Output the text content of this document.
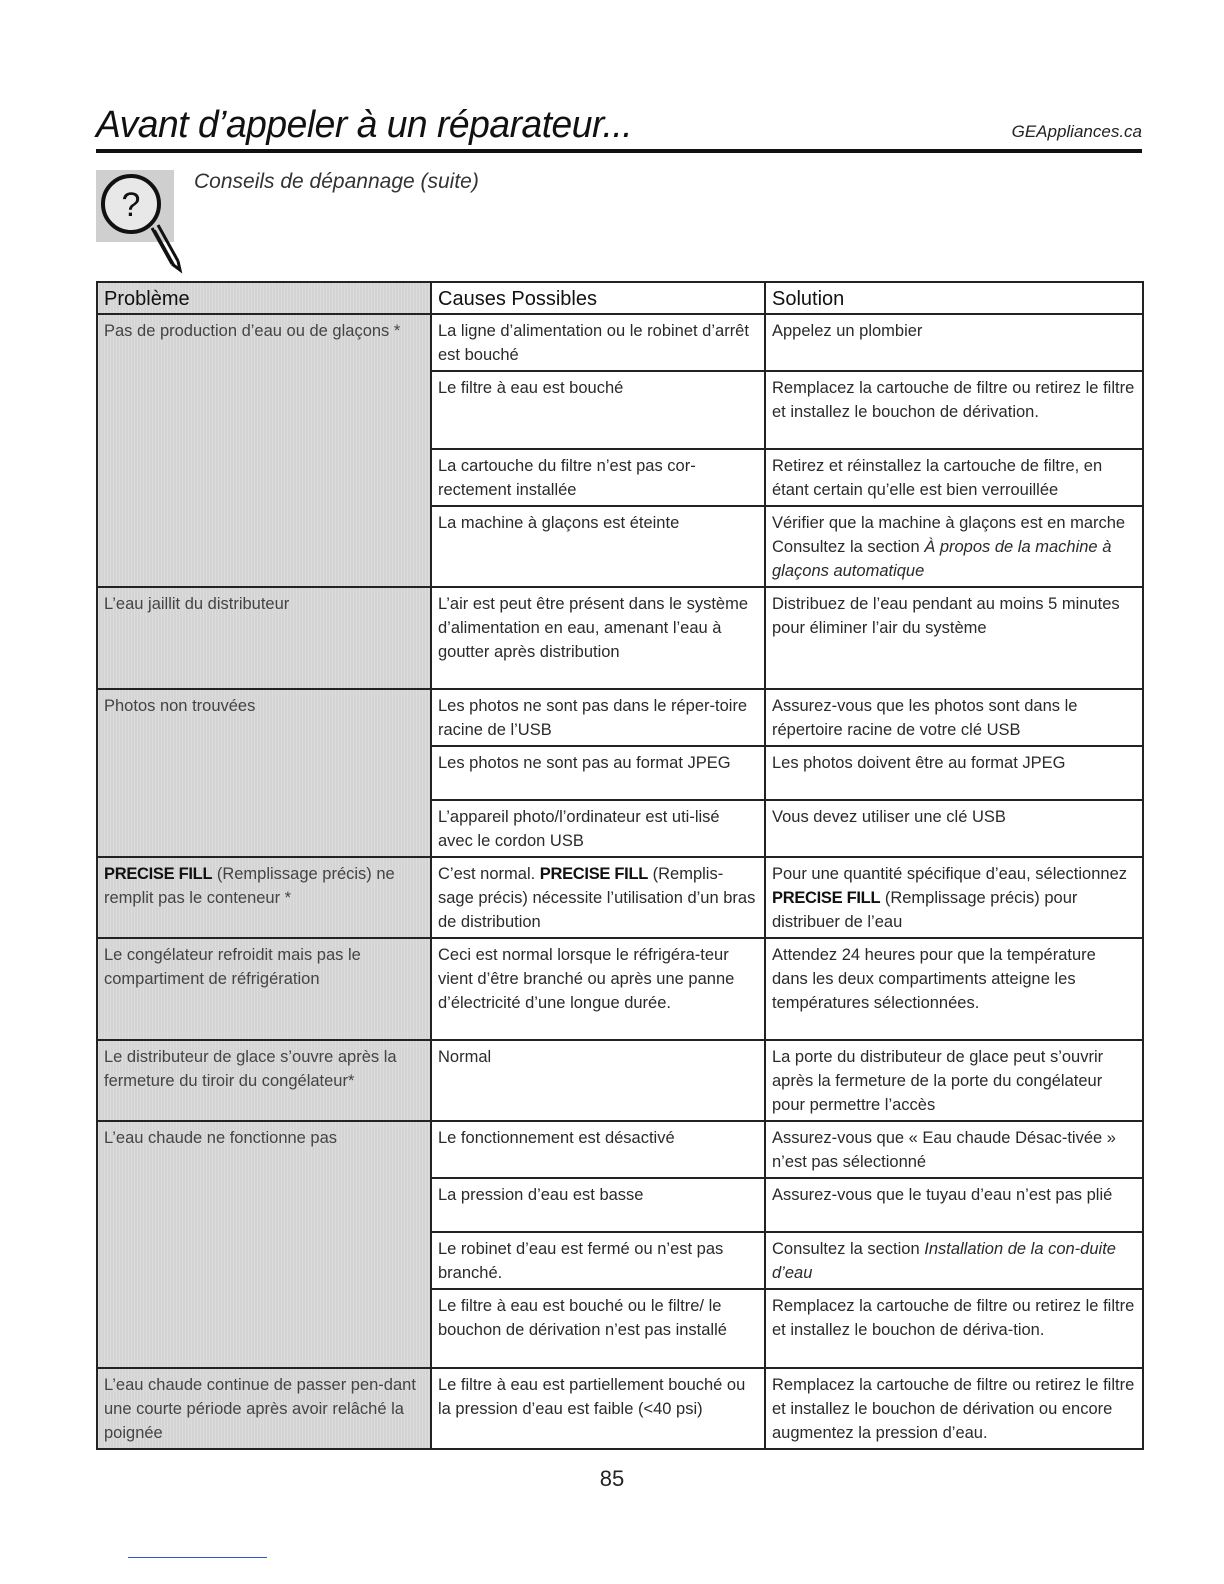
Avant d’appeler à un réparateur...	GEAppliances.ca
?
Conseils de dépannage (suite)
Problème	Causes Possibles	Solution
Pas de production d’eau ou de glaçons *	La ligne d’alimentation ou le robinet d’arrêt est bouché	Appelez un plombier
	Le filtre à eau est bouché	Remplacez la cartouche de filtre ou retirez le filtre et installez le bouchon de dérivation.
	La cartouche du filtre n’est pas cor-rectement installée	Retirez et réinstallez la cartouche de filtre, en étant certain qu’elle est bien verrouillée
	La machine à glaçons est éteinte	Vérifier que la machine à glaçons est en marche Consultez la section À propos de la machine à glaçons automatique
L’eau jaillit du distributeur	L’air est peut être présent dans le système d’alimentation en eau, amenant l’eau à goutter après distribution	Distribuez de l’eau pendant au moins 5 minutes pour éliminer l’air du système
Photos non trouvées	Les photos ne sont pas dans le réper-toire racine de l’USB	Assurez-vous que les photos sont dans le répertoire racine de votre clé USB
	Les photos ne sont pas au format JPEG	Les photos doivent être au format JPEG
	L’appareil photo/l’ordinateur est uti-lisé avec le cordon USB	Vous devez utiliser une clé USB
PRECISE FILL (Remplissage précis) ne remplit pas le conteneur *	C’est normal. PRECISE FILL (Remplis-sage précis) nécessite l’utilisation d’un bras de distribution	Pour une quantité spécifique d’eau, sélectionnez PRECISE FILL (Remplissage précis) pour distribuer de l’eau
Le congélateur refroidit mais pas le compartiment de réfrigération	Ceci est normal lorsque le réfrigéra-teur vient d’être branché ou après une panne d’électricité d’une longue durée.	Attendez 24 heures pour que la température dans les deux compartiments atteigne les températures sélectionnées.
Le distributeur de glace s’ouvre après la fermeture du tiroir du congélateur*	Normal	La porte du distributeur de glace peut s’ouvrir après la fermeture de la porte du congélateur pour permettre l’accès
L’eau chaude ne fonctionne pas	Le fonctionnement est désactivé	Assurez-vous que « Eau chaude Désac-tivée » n’est pas sélectionné
	La pression d’eau est basse	Assurez-vous que le tuyau d’eau n’est pas plié
	Le robinet d’eau est fermé ou n’est pas branché.	Consultez la section Installation de la con-duite d’eau
	Le filtre à eau est bouché ou le filtre/ le bouchon de dérivation n’est pas installé	Remplacez la cartouche de filtre ou retirez le filtre et installez le bouchon de dériva-tion.
L’eau chaude continue de passer pen-dant une courte période après avoir relâché la poignée	Le filtre à eau est partiellement bouché ou la pression d’eau est faible (<40 psi)	Remplacez la cartouche de filtre ou retirez le filtre et installez le bouchon de dérivation ou encore augmentez la pression d’eau.
85
